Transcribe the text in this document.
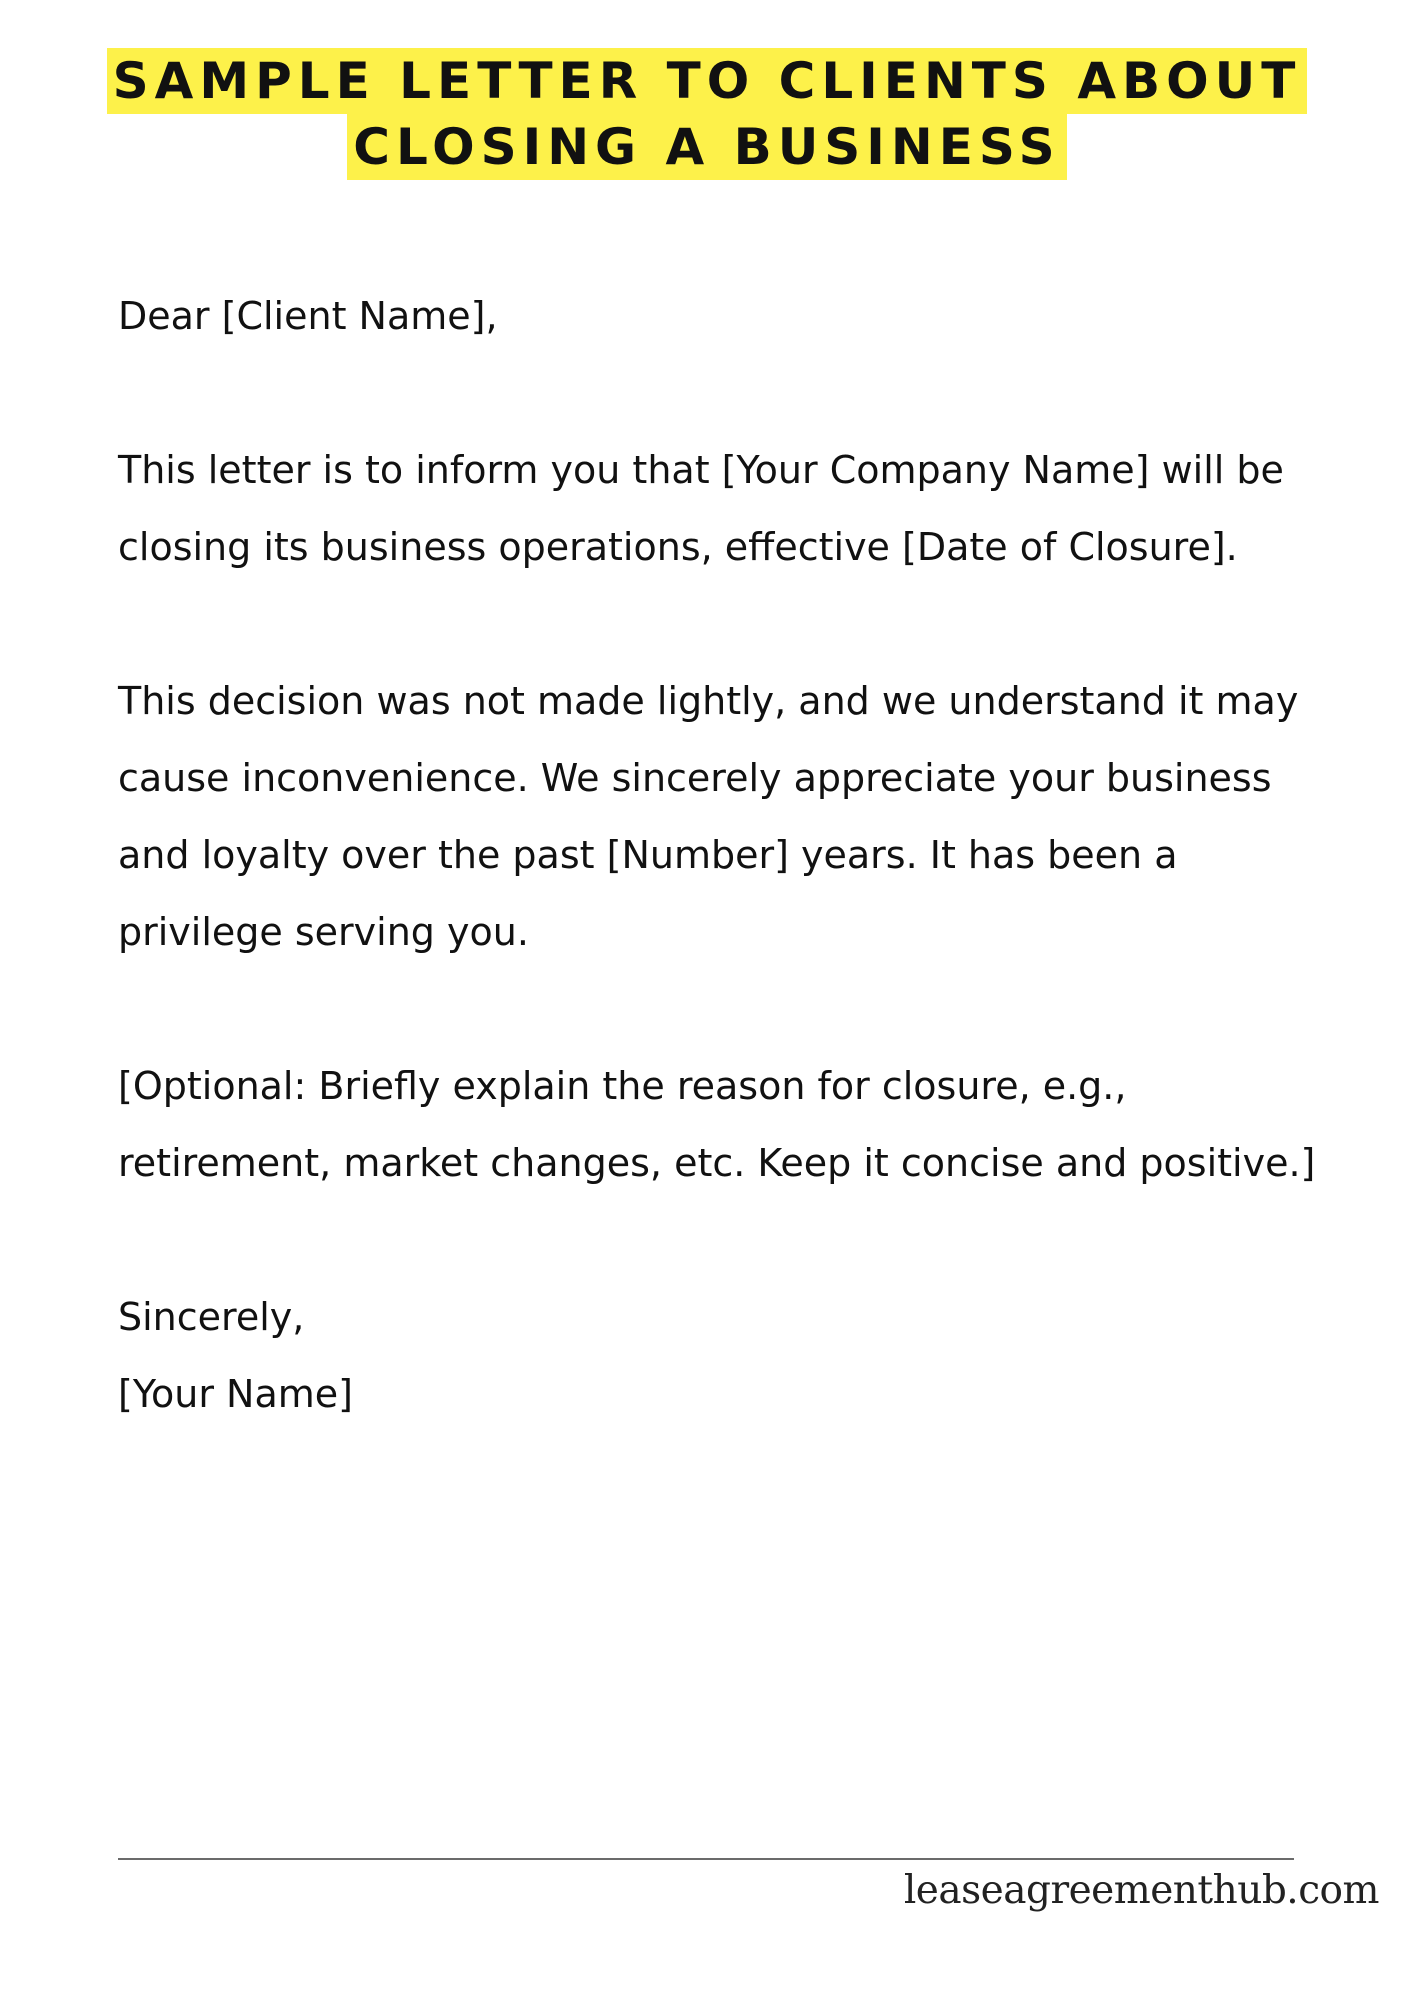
SAMPLE LETTER TO CLIENTS ABOUT
CLOSING A BUSINESS

Dear [Client Name],

This letter is to inform you that [Your Company Name] will be closing its business operations, effective [Date of Closure].

This decision was not made lightly, and we understand it may cause inconvenience. We sincerely appreciate your business and loyalty over the past [Number] years. It has been a privilege serving you.

[Optional: Briefly explain the reason for closure, e.g., retirement, market changes, etc. Keep it concise and positive.]

Sincerely,
[Your Name]
leaseagreementhub.com
